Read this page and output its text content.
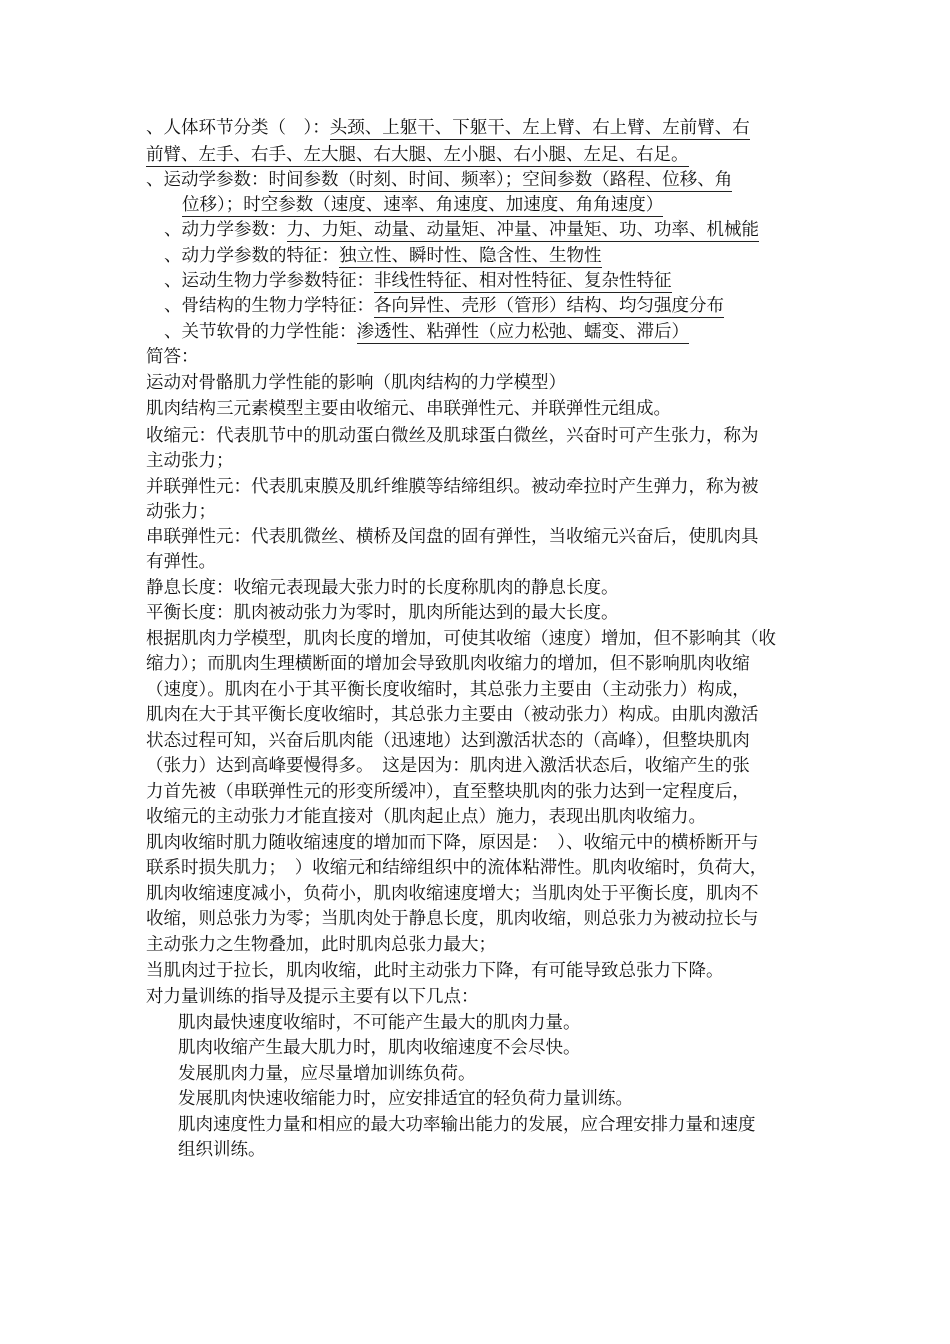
、人体环节分类（　）：头颈、上躯干、下躯干、左上臂、右上臂、左前臂、右
前臂、左手、右手、左大腿、右大腿、左小腿、右小腿、左足、右足。
、运动学参数：时间参数（时刻、时间、频率）；空间参数（路程、位移、角
位移）；时空参数（速度、速率、角速度、加速度、角角速度）
、动力学参数：力、力矩、动量、动量矩、冲量、冲量矩、功、功率、机械能
、动力学参数的特征：独立性、瞬时性、隐含性、生物性
、运动生物力学参数特征：非线性特征、相对性特征、复杂性特征
、骨结构的生物力学特征：各向异性、壳形（管形）结构、均匀强度分布
、关节软骨的力学性能：渗透性、粘弹性（应力松弛、蠕变、滞后）
简答：
运动对骨骼肌力学性能的影响（肌肉结构的力学模型）
肌肉结构三元素模型主要由收缩元、串联弹性元、并联弹性元组成。
收缩元：代表肌节中的肌动蛋白微丝及肌球蛋白微丝，兴奋时可产生张力，称为
主动张力；
并联弹性元：代表肌束膜及肌纤维膜等结缔组织。被动牵拉时产生弹力，称为被
动张力；
串联弹性元：代表肌微丝、横桥及闰盘的固有弹性，当收缩元兴奋后，使肌肉具
有弹性。
静息长度：收缩元表现最大张力时的长度称肌肉的静息长度。
平衡长度：肌肉被动张力为零时，肌肉所能达到的最大长度。
根据肌肉力学模型，肌肉长度的增加，可使其收缩（速度）增加，但不影响其（收
缩力）；而肌肉生理横断面的增加会导致肌肉收缩力的增加，但不影响肌肉收缩
（速度）。肌肉在小于其平衡长度收缩时，其总张力主要由（主动张力）构成，
肌肉在大于其平衡长度收缩时，其总张力主要由（被动张力）构成。由肌肉激活
状态过程可知，兴奋后肌肉能（迅速地）达到激活状态的（高峰），但整块肌肉
（张力）达到高峰要慢得多。　这是因为：肌肉进入激活状态后，收缩产生的张
力首先被（串联弹性元的形变所缓冲），直至整块肌肉的张力达到一定程度后，
收缩元的主动张力才能直接对（肌肉起止点）施力，表现出肌肉收缩力。
肌肉收缩时肌力随收缩速度的增加而下降，原因是：　）、收缩元中的横桥断开与
联系时损失肌力；　）收缩元和结缔组织中的流体粘滞性。肌肉收缩时，负荷大，
肌肉收缩速度减小，负荷小，肌肉收缩速度增大；当肌肉处于平衡长度，肌肉不
收缩，则总张力为零；当肌肉处于静息长度，肌肉收缩，则总张力为被动拉长与
主动张力之生物叠加，此时肌肉总张力最大；
当肌肉过于拉长，肌肉收缩，此时主动张力下降，有可能导致总张力下降。
对力量训练的指导及提示主要有以下几点：
肌肉最快速度收缩时，不可能产生最大的肌肉力量。
肌肉收缩产生最大肌力时，肌肉收缩速度不会尽快。
发展肌肉力量，应尽量增加训练负荷。
发展肌肉快速收缩能力时，应安排适宜的轻负荷力量训练。
肌肉速度性力量和相应的最大功率输出能力的发展，应合理安排力量和速度
组织训练。
